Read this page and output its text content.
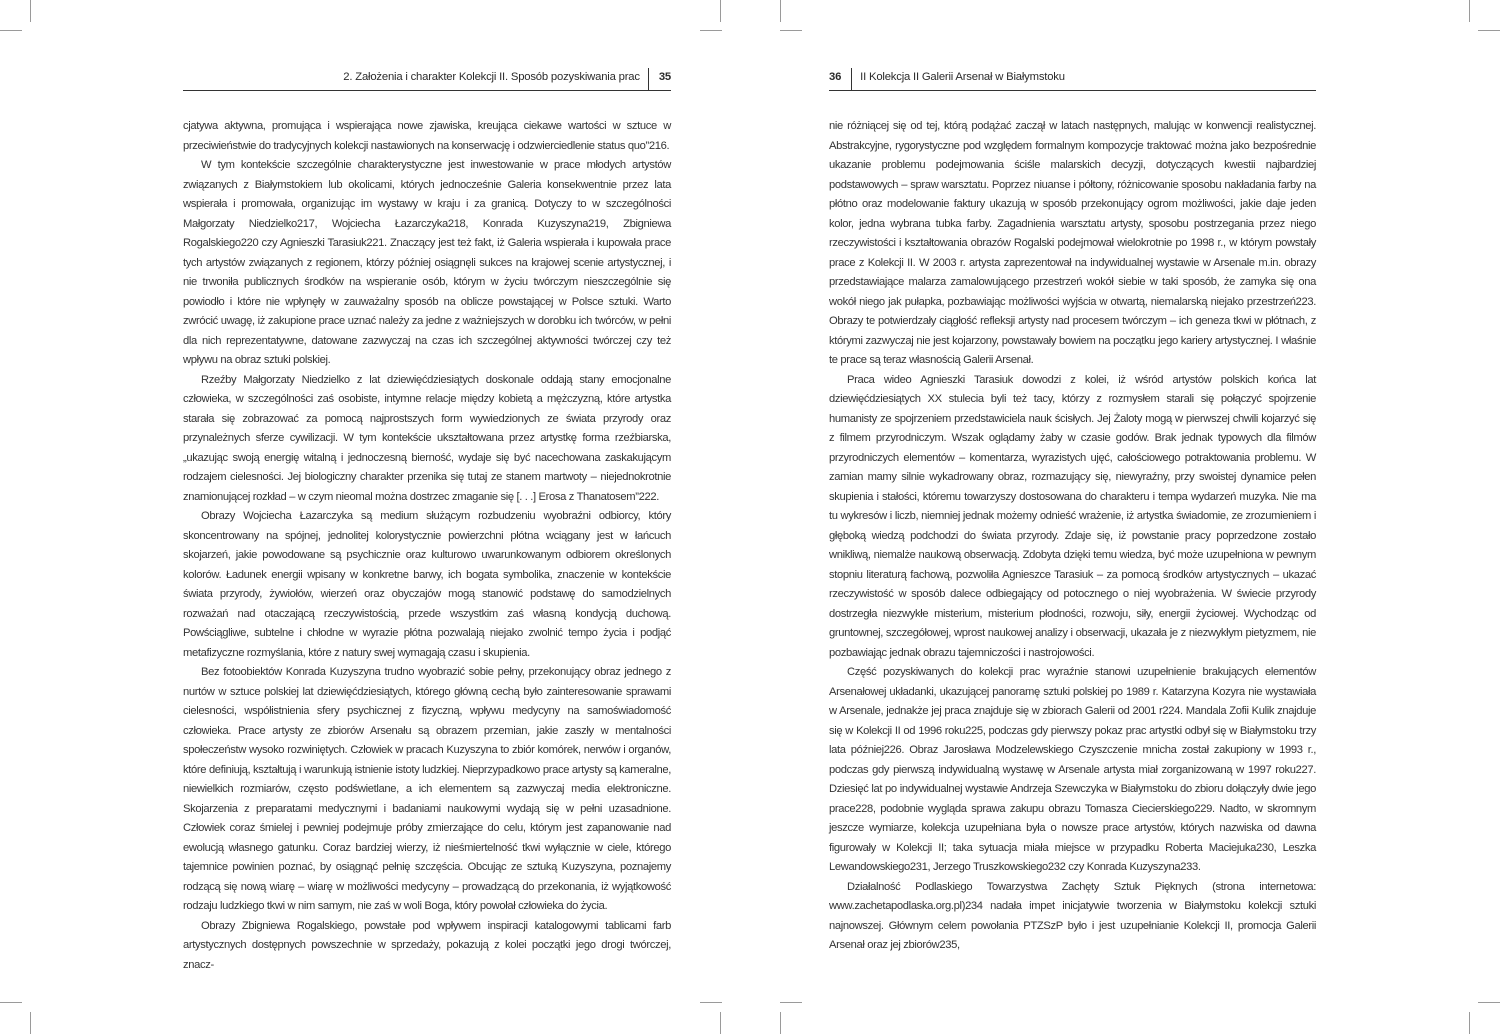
2. Założenia i charakter Kolekcji II. Sposób pozyskiwania prac 35

cjatywa aktywna, promująca i wspierająca nowe zjawiska, kreująca ciekawe wartości w sztuce w przeciwieństwie do tradycyjnych kolekcji nastawionych na konserwację i odzwierciedlenie status quo”216.

W tym kontekście szczególnie charakterystyczne jest inwestowanie w prace młodych artystów związanych z Białymstokiem lub okolicami, których jednocześnie Galeria konsekwentnie przez lata wspierała i promowała, organizując im wystawy w kraju i za granicą. Dotyczy to w szczególności Małgorzaty Niedzielko217, Wojciecha Łazarczyka218, Konrada Kuzyszyna219, Zbigniewa Rogalskiego220 czy Agnieszki Tarasiuk221. Znaczący jest też fakt, iż Galeria wspierała i kupowała prace tych artystów związanych z regionem, którzy później osiągnęli sukces na krajowej scenie artystycznej, i nie trwoniła publicznych środków na wspieranie osób, którym w życiu twórczym nieszczególnie się powiodło i które nie wpłynęły w zauważalny sposób na oblicze powstającej w Polsce sztuki. Warto zwrócić uwagę, iż zakupione prace uznać należy za jedne z ważniejszych w dorobku ich twórców, w pełni dla nich reprezentatywne, datowane zazwyczaj na czas ich szczególnej aktywności twórczej czy też wpływu na obraz sztuki polskiej.

Rzeźby Małgorzaty Niedzielko z lat dziewięćdziesiątych doskonale oddają stany emocjonalne człowieka, w szczególności zaś osobiste, intymne relacje między kobietą a mężczyzną, które artystka starała się zobrazować za pomocą najprostszych form wywiedzionych ze świata przyrody oraz przynależnych sferze cywilizacji. W tym kontekście ukształtowana przez artystkę forma rzeźbiarska, „ukazując swoją energię witalną i jednoczesną bierność, wydaje się być nacechowana zaskakującym rodzajem cielesności. Jej biologiczny charakter przenika się tutaj ze stanem martwoty – niejednokrotnie znamionującej rozkład – w czym nieomal można dostrzec zmaganie się [. . .] Erosa z Thanatosem”222.

Obrazy Wojciecha Łazarczyka są medium służącym rozbudzeniu wyobraźni odbiorcy, który skoncentrowany na spójnej, jednolitej kolorystycznie powierzchni płótna wciągany jest w łańcuch skojarzeń, jakie powodowane są psychicznie oraz kulturowo uwarunkowanym odbiorem określonych kolorów. Ładunek energii wpisany w konkretne barwy, ich bogata symbolika, znaczenie w kontekście świata przyrody, żywiołów, wierzeń oraz obyczajów mogą stanowić podstawę do samodzielnych rozważań nad otaczającą rzeczywistością, przede wszystkim zaś własną kondycją duchową. Powściągliwe, subtelne i chłodne w wyrazie płótna pozwalają niejako zwolnić tempo życia i podjąć metafizyczne rozmyślania, które z natury swej wymagają czasu i skupienia.

Bez fotoobiektów Konrada Kuzyszyna trudno wyobrazić sobie pełny, przekonujący obraz jednego z nurtów w sztuce polskiej lat dziewięćdziesiątych, którego główną cechą było zainteresowanie sprawami cielesności, współistnienia sfery psychicznej z fizyczną, wpływu medycyny na samoświadomość człowieka. Prace artysty ze zbiorów Arsenału są obrazem przemian, jakie zaszły w mentalności społeczeństw wysoko rozwiniętych. Człowiek w pracach Kuzyszyna to zbiór komórek, nerwów i organów, które definiują, kształtują i warunkują istnienie istoty ludzkiej. Nieprzypadkowo prace artysty są kameralne, niewielkich rozmiarów, często podświetlane, a ich elementem są zazwyczaj media elektroniczne. Skojarzenia z preparatami medycznymi i badaniami naukowymi wydają się w pełni uzasadnione. Człowiek coraz śmielej i pewniej podejmuje próby zmierzające do celu, którym jest zapanowanie nad ewolucją własnego gatunku. Coraz bardziej wierzy, iż nieśmiertelność tkwi wyłącznie w ciele, którego tajemnice powinien poznać, by osiągnąć pełnię szczęścia. Obcując ze sztuką Kuzyszyna, poznajemy rodzącą się nową wiarę – wiarę w możliwości medycyny – prowadzącą do przekonania, iż wyjątkowość rodzaju ludzkiego tkwi w nim samym, nie zaś w woli Boga, który powołał człowieka do życia.

Obrazy Zbigniewa Rogalskiego, powstałe pod wpływem inspiracji katalogowymi tablicami farb artystycznych dostępnych powszechnie w sprzedaży, pokazują z kolei początki jego drogi twórczej, znacz-

36 II Kolekcja II Galerii Arsenał w Białymstoku

nie różniącej się od tej, którą podążać zaczął w latach następnych, malując w konwencji realistycznej. Abstrakcyjne, rygorystyczne pod względem formalnym kompozycje traktować można jako bezpośrednie ukazanie problemu podejmowania ściśle malarskich decyzji, dotyczących kwestii najbardziej podstawowych – spraw warsztatu. Poprzez niuanse i półtony, różnicowanie sposobu nakładania farby na płótno oraz modelowanie faktury ukazują w sposób przekonujący ogrom możliwości, jakie daje jeden kolor, jedna wybrana tubka farby. Zagadnienia warsztatu artysty, sposobu postrzegania przez niego rzeczywistości i kształtowania obrazów Rogalski podejmował wielokrotnie po 1998 r., w którym powstały prace z Kolekcji II. W 2003 r. artysta zaprezentował na indywidualnej wystawie w Arsenale m.in. obrazy przedstawiające malarza zamalowującego przestrzeń wokół siebie w taki sposób, że zamyka się ona wokół niego jak pułapka, pozbawiając możliwości wyjścia w otwartą, niemalarską niejako przestrzeń223. Obrazy te potwierdzały ciągłość refleksji artysty nad procesem twórczym – ich geneza tkwi w płótnach, z którymi zazwyczaj nie jest kojarzony, powstawały bowiem na początku jego kariery artystycznej. I właśnie te prace są teraz własnością Galerii Arsenał.

Praca wideo Agnieszki Tarasiuk dowodzi z kolei, iż wśród artystów polskich końca lat dziewięćdziesiątych XX stulecia byli też tacy, którzy z rozmysłem starali się połączyć spojrzenie humanisty ze spojrzeniem przedstawiciela nauk ścisłych. Jej Żaloty mogą w pierwszej chwili kojarzyć się z filmem przyrodniczym. Wszak oglądamy żaby w czasie godów. Brak jednak typowych dla filmów przyrodniczych elementów – komentarza, wyrazistych ujęć, całościowego potraktowania problemu. W zamian mamy silnie wykadrowany obraz, rozmazujący się, niewyraźny, przy swoistej dynamice pełen skupienia i stałości, któremu towarzyszy dostosowana do charakteru i tempa wydarzeń muzyka. Nie ma tu wykresów i liczb, niemniej jednak możemy odnieść wrażenie, iż artystka świadomie, ze zrozumieniem i głęboką wiedzą podchodzi do świata przyrody. Zdaje się, iż powstanie pracy poprzedzone zostało wnikliwą, niemalże naukową obserwacją. Zdobyta dzięki temu wiedza, być może uzupełniona w pewnym stopniu literaturą fachową, pozwoliła Agnieszce Tarasiuk – za pomocą środków artystycznych – ukazać rzeczywistość w sposób dalece odbiegający od potocznego o niej wyobrażenia. W świecie przyrody dostrzegła niezwykłe misterium, misterium płodności, rozwoju, siły, energii życiowej. Wychodząc od gruntownej, szczegółowej, wprost naukowej analizy i obserwacji, ukazała je z niezwykłym pietyzmem, nie pozbawiając jednak obrazu tajemniczości i nastrojowości.

Część pozyskiwanych do kolekcji prac wyraźnie stanowi uzupełnienie brakujących elementów Arsenałowej układanki, ukazującej panoramę sztuki polskiej po 1989 r. Katarzyna Kozyra nie wystawiała w Arsenale, jednakże jej praca znajduje się w zbiorach Galerii od 2001 r224. Mandala Zofii Kulik znajduje się w Kolekcji II od 1996 roku225, podczas gdy pierwszy pokaz prac artystki odbył się w Białymstoku trzy lata później226. Obraz Jarosława Modzelewskiego Czyszczenie mnicha został zakupiony w 1993 r., podczas gdy pierwszą indywidualną wystawę w Arsenale artysta miał zorganizowaną w 1997 roku227. Dziesięć lat po indywidualnej wystawie Andrzeja Szewczyka w Białymstoku do zbioru dołączyły dwie jego prace228, podobnie wygląda sprawa zakupu obrazu Tomasza Ciecierskiego229. Nadto, w skromnym jeszcze wymiarze, kolekcja uzupełniana była o nowsze prace artystów, których nazwiska od dawna figurowały w Kolekcji II; taka sytuacja miała miejsce w przypadku Roberta Maciejuka230, Leszka Lewandowskiego231, Jerzego Truszkowskiego232 czy Konrada Kuzyszyna233.

Działalność Podlaskiego Towarzystwa Zachęty Sztuk Pięknych (strona internetowa: www.zachetapodlaska.org.pl)234 nadała impet inicjatywie tworzenia w Białymstoku kolekcji sztuki najnowszej. Głównym celem powołania PTZSzP było i jest uzupełnianie Kolekcji II, promocja Galerii Arsenał oraz jej zbiorów235,
